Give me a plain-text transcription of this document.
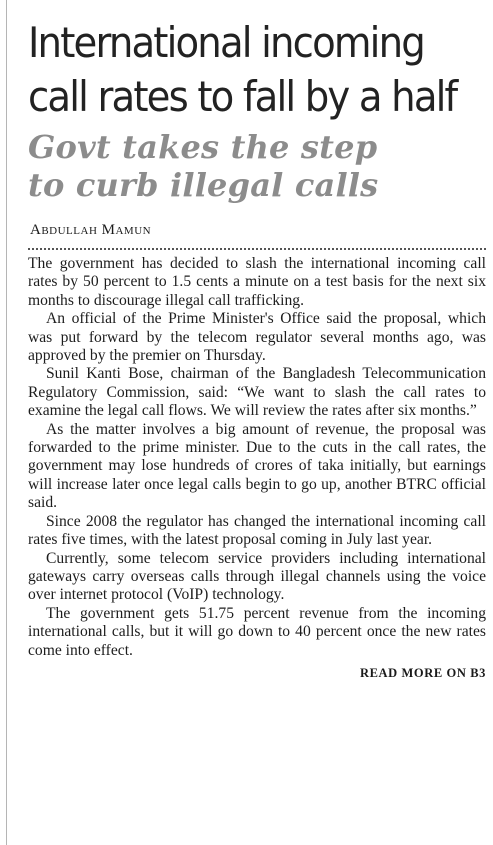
International incoming
call rates to fall by a half
Govt takes the step
to curb illegal calls
Abdullah Mamun

The government has decided to slash the international incoming call rates by 50 percent to 1.5 cents a minute on a test basis for the next six months to discourage illegal call trafficking.

An official of the Prime Minister's Office said the proposal, which was put forward by the telecom regulator several months ago, was approved by the premier on Thursday.

Sunil Kanti Bose, chairman of the Bangladesh Telecommunication Regulatory Commission, said: “We want to slash the call rates to examine the legal call flows. We will review the rates after six months.”

As the matter involves a big amount of revenue, the proposal was forwarded to the prime minister. Due to the cuts in the call rates, the government may lose hundreds of crores of taka initially, but earnings will increase later once legal calls begin to go up, another BTRC official said.

Since 2008 the regulator has changed the international incoming call rates five times, with the latest proposal coming in July last year.

Currently, some telecom service providers including international gateways carry overseas calls through illegal channels using the voice over internet protocol (VoIP) technology.

The government gets 51.75 percent revenue from the incoming international calls, but it will go down to 40 percent once the new rates come into effect.

READ MORE ON B3
